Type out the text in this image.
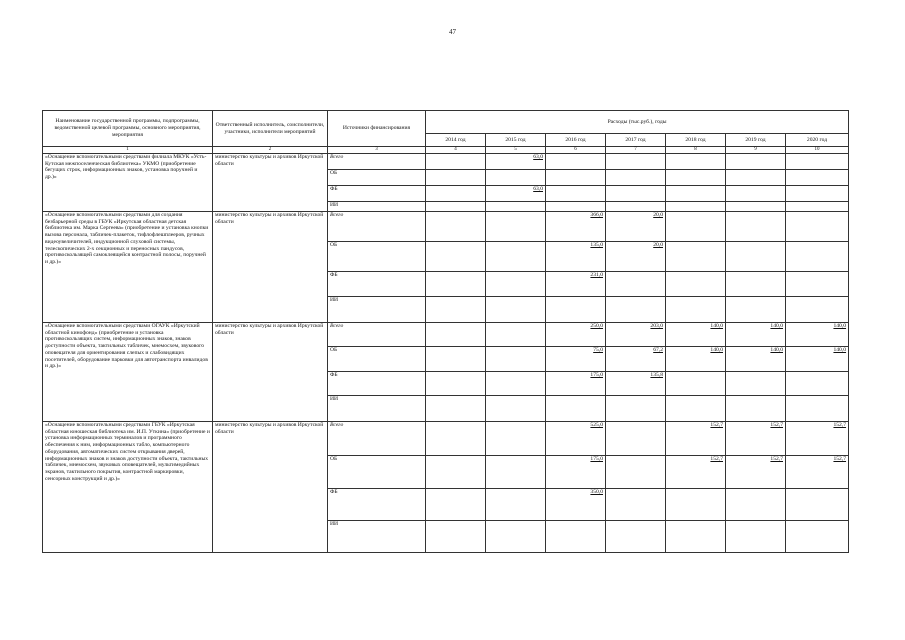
47
Наименование государственной программы, подпрограммы, ведомственной целевой программы, основного мероприятия, мероприятия	Ответственный исполнитель, соисполнители, участники, исполнители мероприятий	Источники финансирования	Расходы (тыс.руб.), годы						
			2014 год	2015 год	2016 год	2017 год	2018 год	2019 год	2020 год
1	2	3	4	5	6	7	8	9	10
«Оснащение вспомогательными средствами филиала МКУК «Усть-Кутская межпоселенческая библиотека» УКМО (приобретение бегущих строк, информационных знаков, установка поручней и др.)»	министерство культуры и архивов Иркутской области	Всего		63,0					
		ОБ							
		ФБ		63,0					
		ИИ							
«Оснащение вспомогательными средствами для создания безбарьерной среды в ГБУК «Иркутская областная детская библиотека им. Марка Сергеева» (приобретение и установка кнопки вызова персонала, табличек-плакеток, тифлофлешплееров, ручных видеоувеличителей, индукционной слуховой системы, телескопических 2-х секционных и переносных пандусов, противоскользящей самоклеящейся контрастной полосы, поручней и др.)»	министерство культуры и архивов Иркутской области	Всего			366,0	20,0			
		ОБ			135,0	20,0			
		ФБ			231,0				
		ИИ							
«Оснащение вспомогательными средствами ОГАУК «Иркутский областной кинофонд» (приобретение и установка противоскользящих систем, информационных знаков, знаков доступности объекта, тактильных табличек, мнемосхем, звукового оповещателя для ориентирования слепых и слабовидящих посетителей, оборудование парковки для автотранспорта инвалидов и др.)»	министерство культуры и архивов Иркутской области	Всего			250,0	203,0	140,0	140,0	140,0
		ОБ			75,0	67,2	140,0	140,0	140,0
		ФБ			175,0	135,8			
		ИИ							
«Оснащение вспомогательными средствами ГБУК «Иркутская областная юношеская библиотека им. И.П. Уткина» (приобретение и установка информационных терминалов и программного обеспечения к ним, информационных табло, компьютерного оборудования, автоматических систем открывания дверей, информационных знаков и знаков доступности объекта, тактильных табличек, мнемосхем, звуковых оповещателей, мультимедийных экранов, тактильного покрытия, контрастной маркировки, сенсорных конструкций и др.)»	министерство культуры и архивов Иркутской области	Всего			525,0		152,7	152,7	152,7
		ОБ			175,0		152,7	152,7	152,7
		ФБ			350,0				
		ИИ							
